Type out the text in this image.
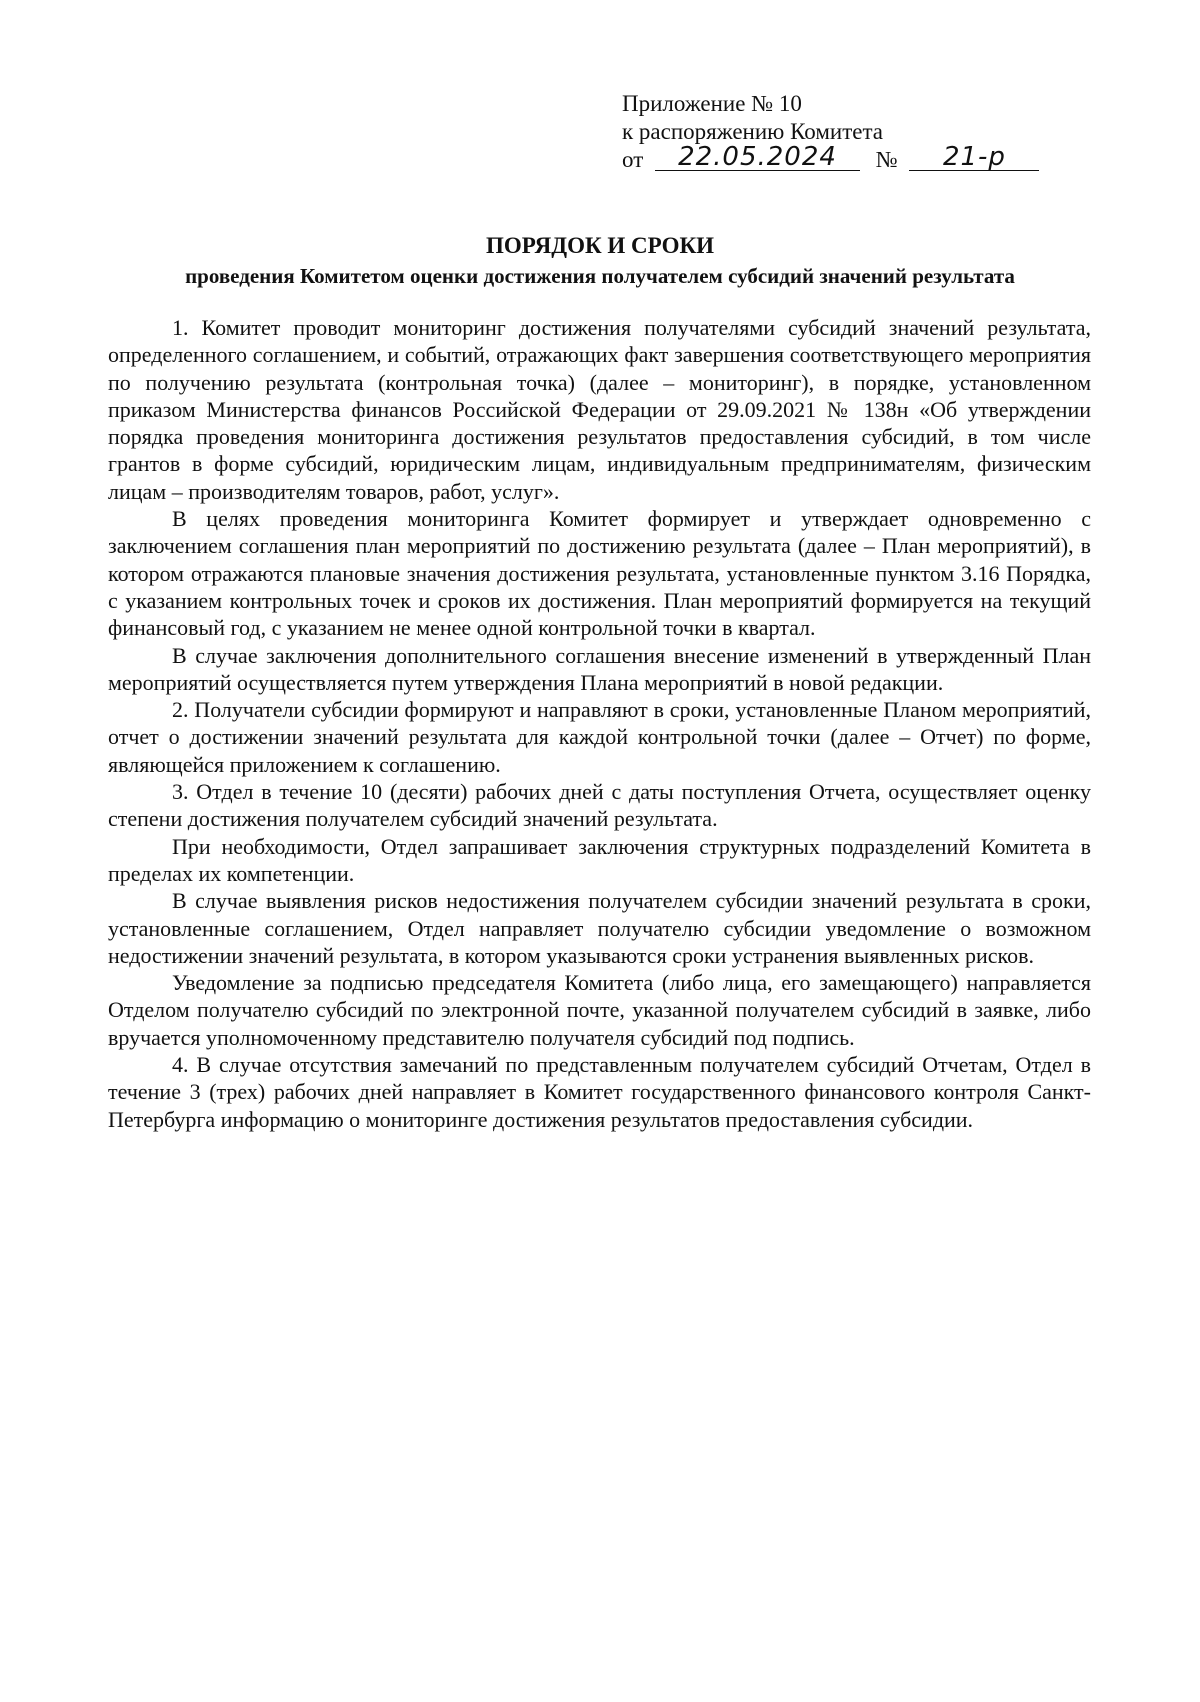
Приложение № 10
к распоряжению Комитета
от 22.05.2024 № 21-р
ПОРЯДОК И СРОКИ
проведения Комитетом оценки достижения получателем субсидий значений результата

1. Комитет проводит мониторинг достижения получателями субсидий значений результата, определенного соглашением, и событий, отражающих факт завершения соответствующего мероприятия по получению результата (контрольная точка) (далее – мониторинг), в порядке, установленном приказом Министерства финансов Российской Федерации от 29.09.2021 № 138н «Об утверждении порядка проведения мониторинга достижения результатов предоставления субсидий, в том числе грантов в форме субсидий, юридическим лицам, индивидуальным предпринимателям, физическим лицам – производителям товаров, работ, услуг».

В целях проведения мониторинга Комитет формирует и утверждает одновременно с заключением соглашения план мероприятий по достижению результата (далее – План мероприятий), в котором отражаются плановые значения достижения результата, установленные пунктом 3.16 Порядка, с указанием контрольных точек и сроков их достижения. План мероприятий формируется на текущий финансовый год, с указанием не менее одной контрольной точки в квартал.

В случае заключения дополнительного соглашения внесение изменений в утвержденный План мероприятий осуществляется путем утверждения Плана мероприятий в новой редакции.

2. Получатели субсидии формируют и направляют в сроки, установленные Планом мероприятий, отчет о достижении значений результата для каждой контрольной точки (далее – Отчет) по форме, являющейся приложением к соглашению.

3. Отдел в течение 10 (десяти) рабочих дней с даты поступления Отчета, осуществляет оценку степени достижения получателем субсидий значений результата.

При необходимости, Отдел запрашивает заключения структурных подразделений Комитета в пределах их компетенции.

В случае выявления рисков недостижения получателем субсидии значений результата в сроки, установленные соглашением, Отдел направляет получателю субсидии уведомление о возможном недостижении значений результата, в котором указываются сроки устранения выявленных рисков.

Уведомление за подписью председателя Комитета (либо лица, его замещающего) направляется Отделом получателю субсидий по электронной почте, указанной получателем субсидий в заявке, либо вручается уполномоченному представителю получателя субсидий под подпись.

4. В случае отсутствия замечаний по представленным получателем субсидий Отчетам, Отдел в течение 3 (трех) рабочих дней направляет в Комитет государственного финансового контроля Санкт-Петербурга информацию о мониторинге достижения результатов предоставления субсидии.
